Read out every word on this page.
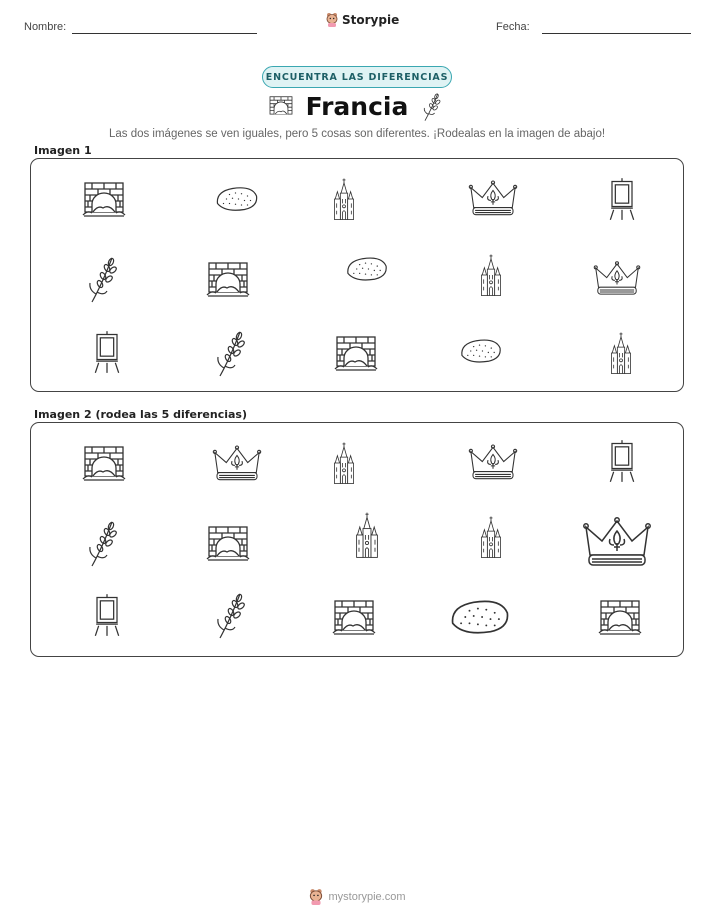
Nombre:
Storypie
Fecha:
ENCUENTRA LAS DIFERENCIAS
Francia
Las dos imágenes se ven iguales, pero 5 cosas son diferentes. ¡Rodealas en la imagen de abajo!
Imagen 1
Imagen 2 (rodea las 5 diferencias)
mystorypie.com
